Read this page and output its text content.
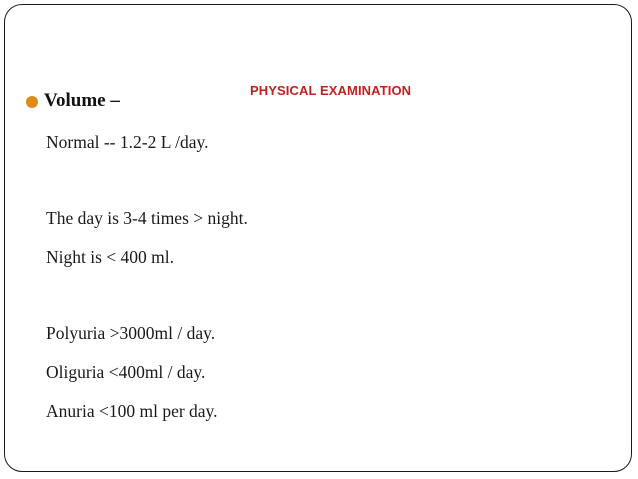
PHYSICAL EXAMINATION
Volume –
Normal -- 1.2-2 L /day.
The day is 3-4 times > night.
Night is < 400 ml.
Polyuria >3000ml / day.
Oliguria <400ml / day.
Anuria <100 ml per day.
